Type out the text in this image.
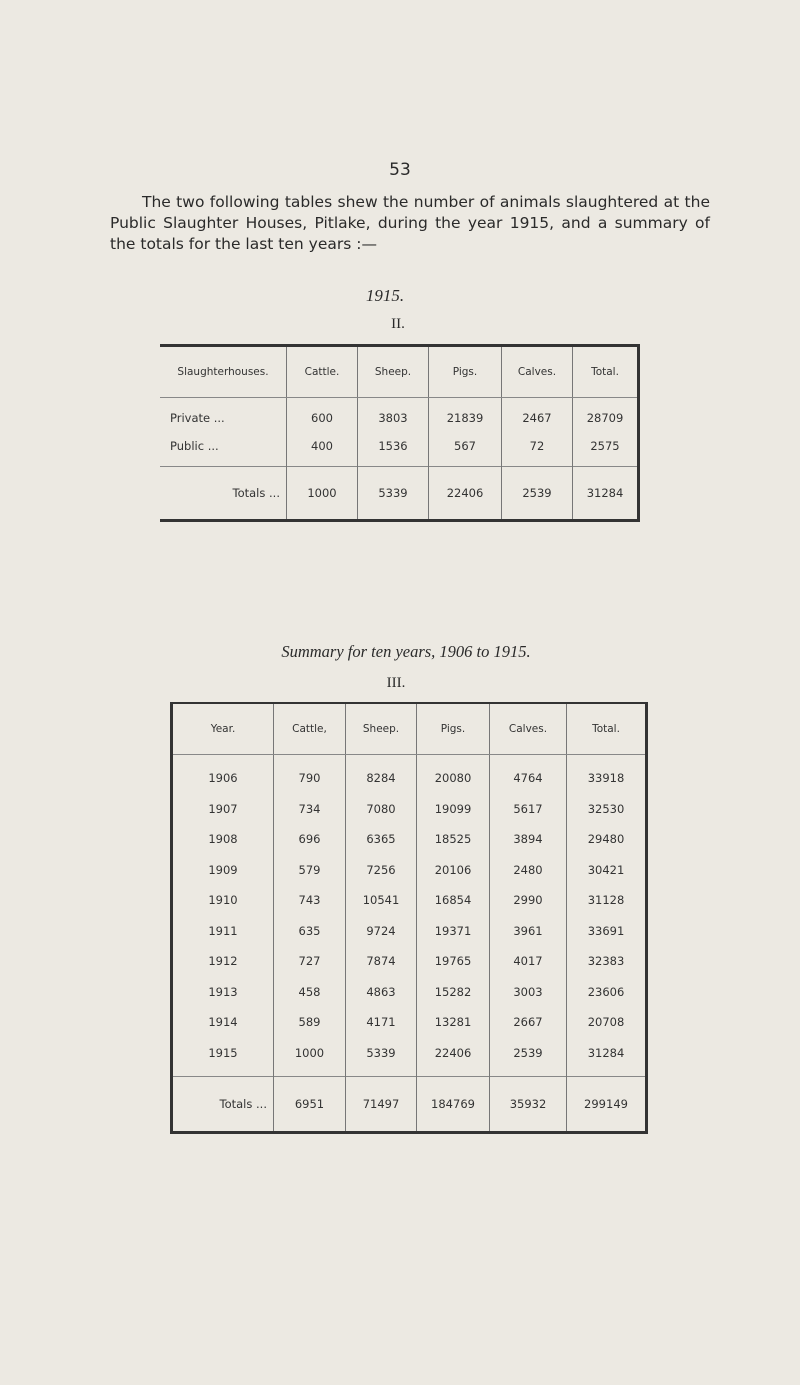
53
The two following tables shew the number of animals slaughtered at the Public Slaughter Houses, Pitlake, during the year 1915, and a summary of the totals for the last ten years :—
1915.
II.
Slaughterhouses.	Cattle.	Sheep.	Pigs.	Calves.	Total.
Private ...	600	3803	21839	2467	28709
Public ...	400	1536	567	72	2575
Totals ...	1000	5339	22406	2539	31284
Summary for ten years, 1906 to 1915.
III.
Year.	Cattle,	Sheep.	Pigs.	Calves.	Total.
1906	790	8284	20080	4764	33918
1907	734	7080	19099	5617	32530
1908	696	6365	18525	3894	29480
1909	579	7256	20106	2480	30421
1910	743	10541	16854	2990	31128
1911	635	9724	19371	3961	33691
1912	727	7874	19765	4017	32383
1913	458	4863	15282	3003	23606
1914	589	4171	13281	2667	20708
1915	1000	5339	22406	2539	31284
Totals ...	6951	71497	184769	35932	299149
